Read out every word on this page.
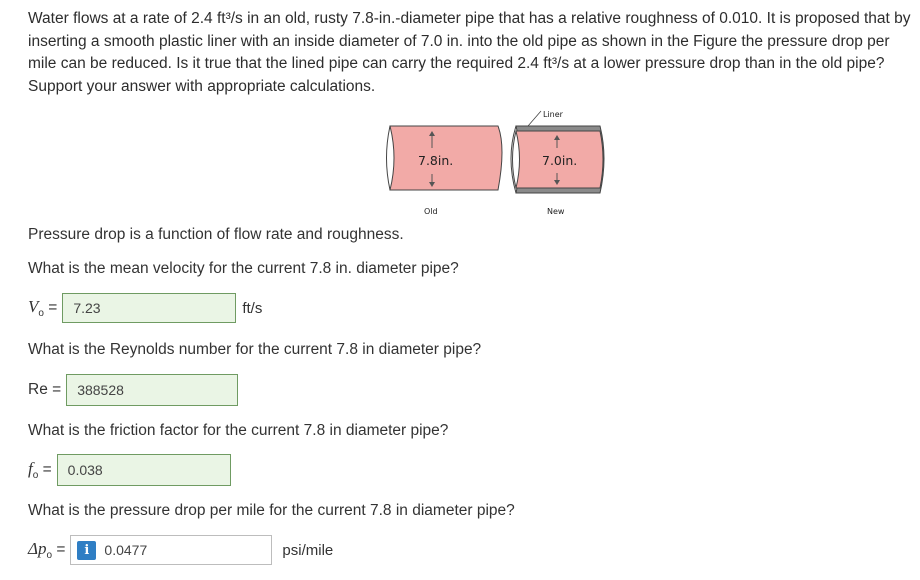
Water flows at a rate of 2.4 ft³/s in an old, rusty 7.8-in.-diameter pipe that has a relative roughness of 0.010. It is proposed that by inserting a smooth plastic liner with an inside diameter of 7.0 in. into the old pipe as shown in the Figure the pressure drop per mile can be reduced. Is it true that the lined pipe can carry the required 2.4 ft³/s at a lower pressure drop than in the old pipe? Support your answer with appropriate calculations.
7.8in.
Old
Liner
7.0in.
New
Pressure drop is a function of flow rate and roughness.
What is the mean velocity for the current 7.8 in. diameter pipe?
$V_o$ =	7.23	ft/s
What is the Reynolds number for the current 7.8 in diameter pipe?
Re =	388528
What is the friction factor for the current 7.8 in diameter pipe?
$f_o$ =	0.038
What is the pressure drop per mile for the current 7.8 in diameter pipe?
$\Delta p_o$ =	i	0.0477	psi/mile
